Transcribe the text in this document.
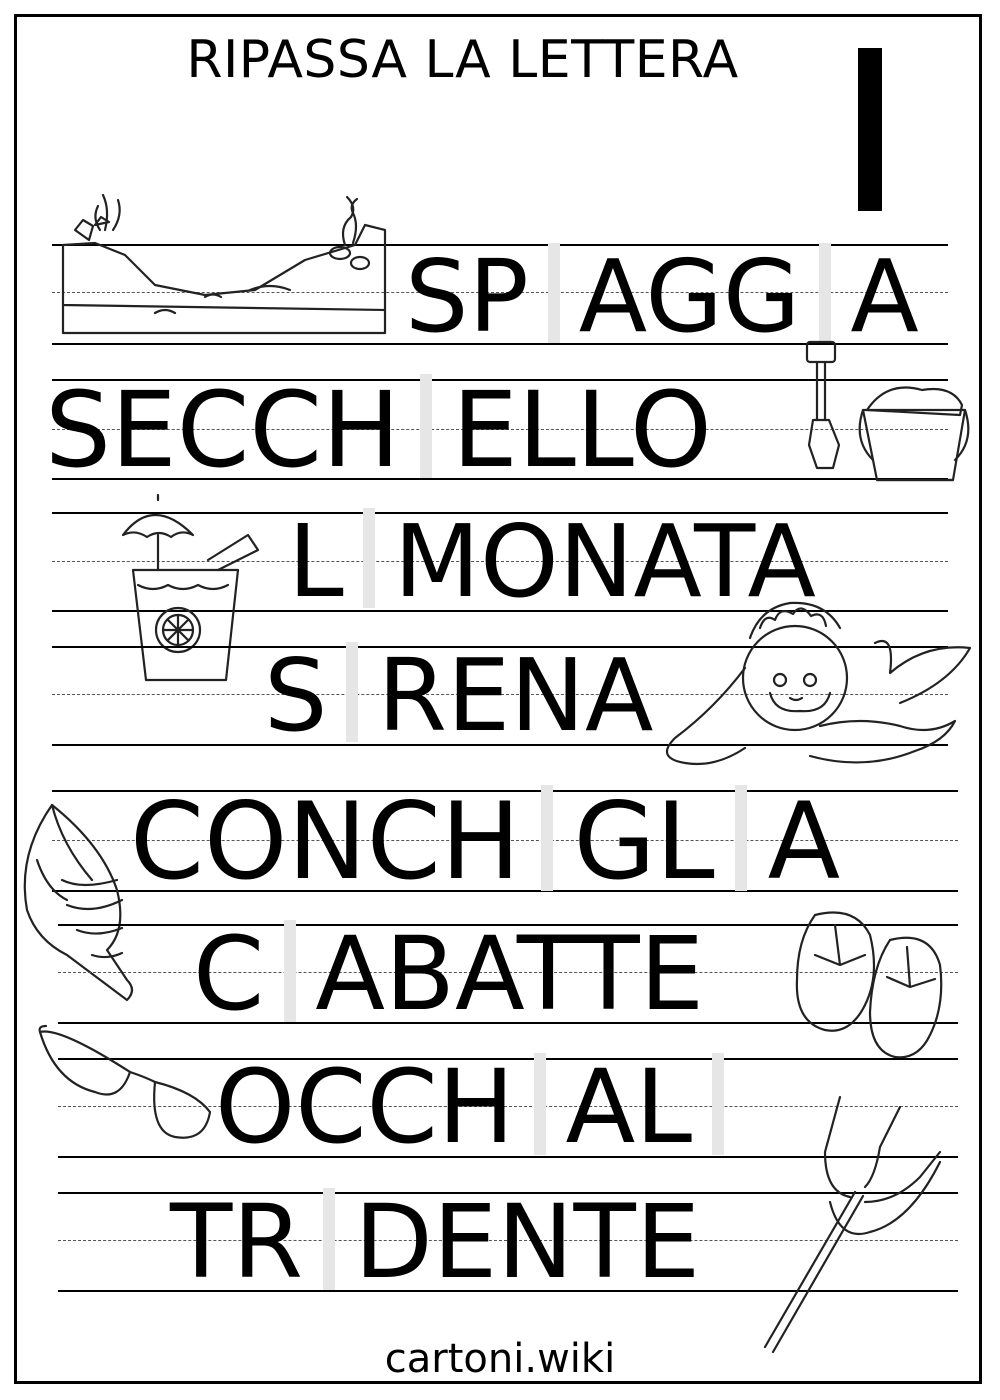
RIPASSA LA LETTERA
SP
  AGG
  A
SECCH
  ELLO
L
  MONATA
S
  RENA
CONCH
  GL
  A
C
  ABATTE
OCCH
  AL

TR
  DENTE
cartoni.wiki
